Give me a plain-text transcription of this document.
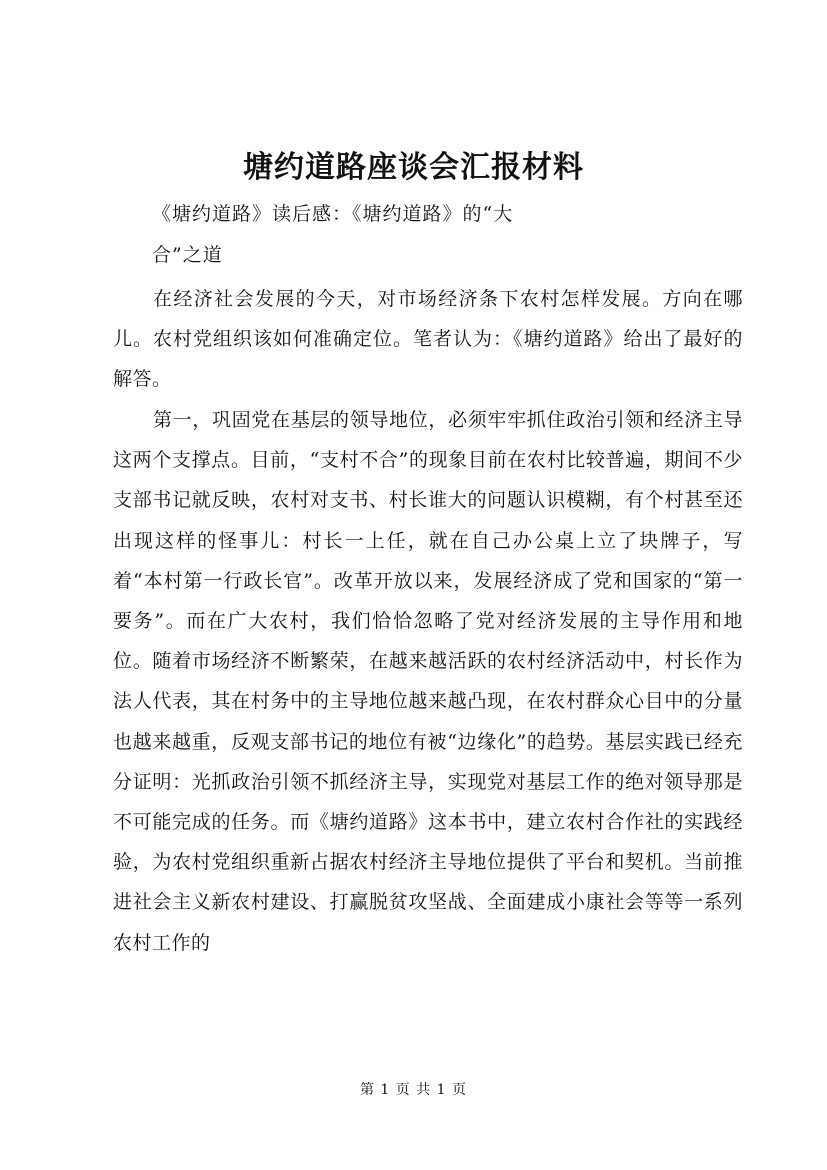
塘约道路座谈会汇报材料
《塘约道路》读后感：《塘约道路》的“大
合”之道

在经济社会发展的今天，对市场经济条下农村怎样发展。方向在哪儿。农村党组织该如何准确定位。笔者认为：《塘约道路》给出了最好的解答。

第一，巩固党在基层的领导地位，必须牢牢抓住政治引领和经济主导这两个支撑点。目前，“支村不合”的现象目前在农村比较普遍，期间不少支部书记就反映，农村对支书、村长谁大的问题认识模糊，有个村甚至还出现这样的怪事儿：村长一上任，就在自己办公桌上立了块牌子，写着“本村第一行政长官”。改革开放以来，发展经济成了党和国家的“第一要务”。而在广大农村，我们恰恰忽略了党对经济发展的主导作用和地位。随着市场经济不断繁荣，在越来越活跃的农村经济活动中，村长作为法人代表，其在村务中的主导地位越来越凸现，在农村群众心目中的分量也越来越重，反观支部书记的地位有被“边缘化”的趋势。基层实践已经充分证明：光抓政治引领不抓经济主导，实现党对基层工作的绝对领导那是不可能完成的任务。而《塘约道路》这本书中，建立农村合作社的实践经验，为农村党组织重新占据农村经济主导地位提供了平台和契机。当前推进社会主义新农村建设、打赢脱贫攻坚战、全面建成小康社会等等一系列农村工作的

第 1 页 共 1 页
